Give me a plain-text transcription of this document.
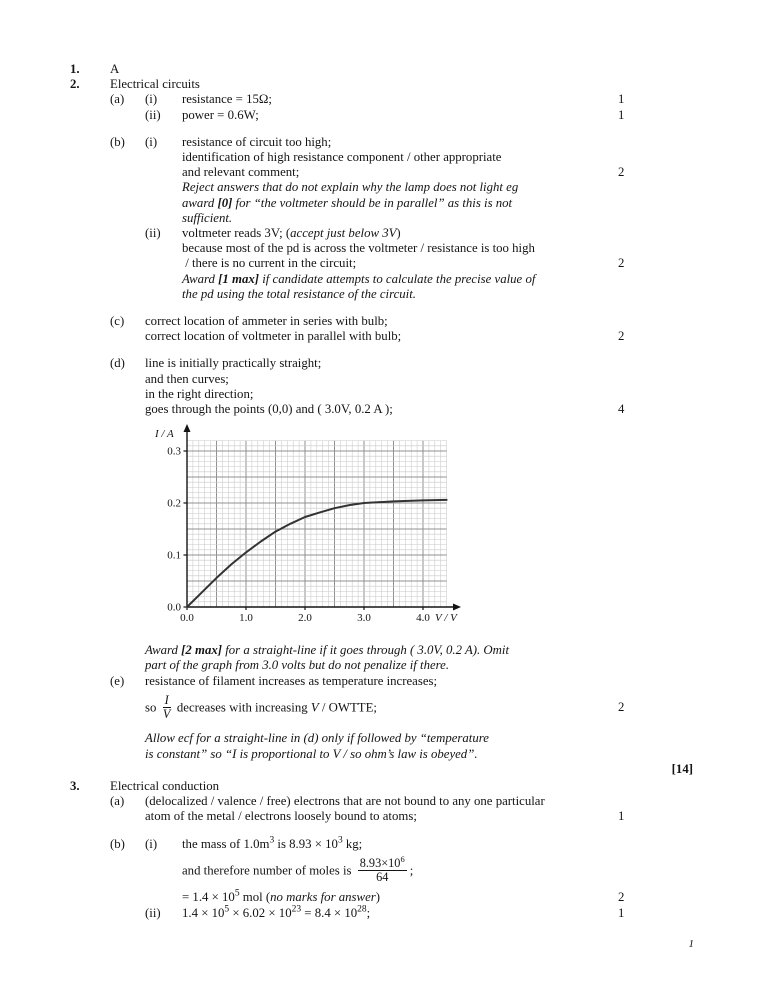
1.	A
2.	Electrical circuits
(a)	(i)	resistance = 15Ω;	1
(ii)	power = 0.6W;	1
(b)	(i)	resistance of circuit too high;
identification of high resistance component / other appropriate
and relevant comment;	2
Reject answers that do not explain why the lamp does not light eg
award [0] for “the voltmeter should be in parallel” as this is not
sufficient.
(ii)	voltmeter reads 3V; (accept just below 3V)
because most of the pd is across the voltmeter / resistance is too high
/ there is no current in the circuit;	2
Award [1 max] if candidate attempts to calculate the precise value of
the pd using the total resistance of the circuit.
(c)	correct location of ammeter in series with bulb;
correct location of voltmeter in parallel with bulb;	2
(d)	line is initially practically straight;
and then curves;
in the right direction;
goes through the points (0,0) and ( 3.0V, 0.2 A );	4
0.0	1.0	2.0	3.0	4.0
0.0
0.1
0.2
0.3
I / A
V / V
Award [2 max] for a straight-line if it goes through ( 3.0V, 0.2 A). Omit
part of the graph from 3.0 volts but do not penalize if there.
(e)	resistance of filament increases as temperature increases;
so $\frac{I}{V}$ decreases with increasing V / OWTTE;	2
Allow ecf for a straight-line in (d) only if followed by “temperature
is constant” so “I is proportional to V / so ohm’s law is obeyed”.
[14]
3.	Electrical conduction
(a)	(delocalized / valence / free) electrons that are not bound to any one particular
atom of the metal / electrons loosely bound to atoms;	1
(b)	(i)	the mass of $1.0m^3$ is $8.93 \times 10^3$ kg;
and therefore number of moles is $\frac{8.93\times 10^6}{64}$ ;
= $1.4 \times 10^5$ mol (no marks for answer)	2
(ii)	$1.4 \times 10^5 \times 6.02 \times 10^{23} = 8.4 \times 10^{28}$;	1
1
